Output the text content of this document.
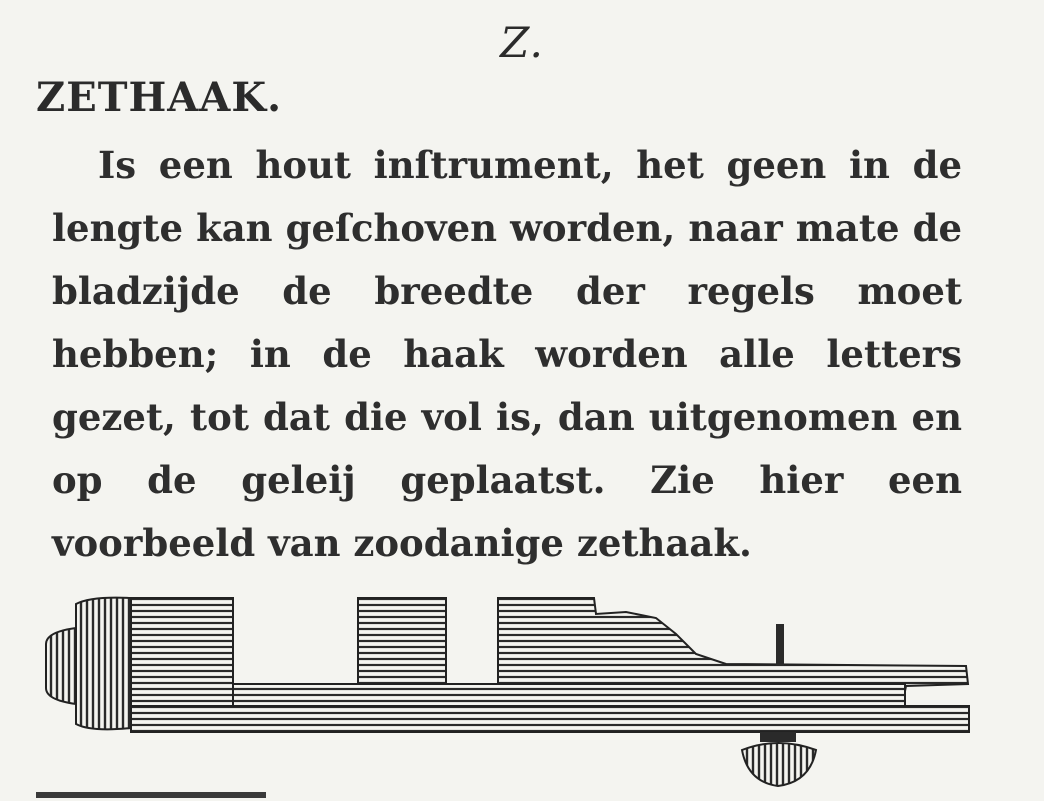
Z.
ZETHAAK.
Is een hout inſtrument, het geen in de lengte kan geſchoven worden, naar mate de bladzijde de breedte der regels moet hebben; in de haak worden alle letters gezet, tot dat die vol is, dan uitgenomen en op de geleij geplaatst. Zie hier een voorbeeld van zoodanige zethaak.
